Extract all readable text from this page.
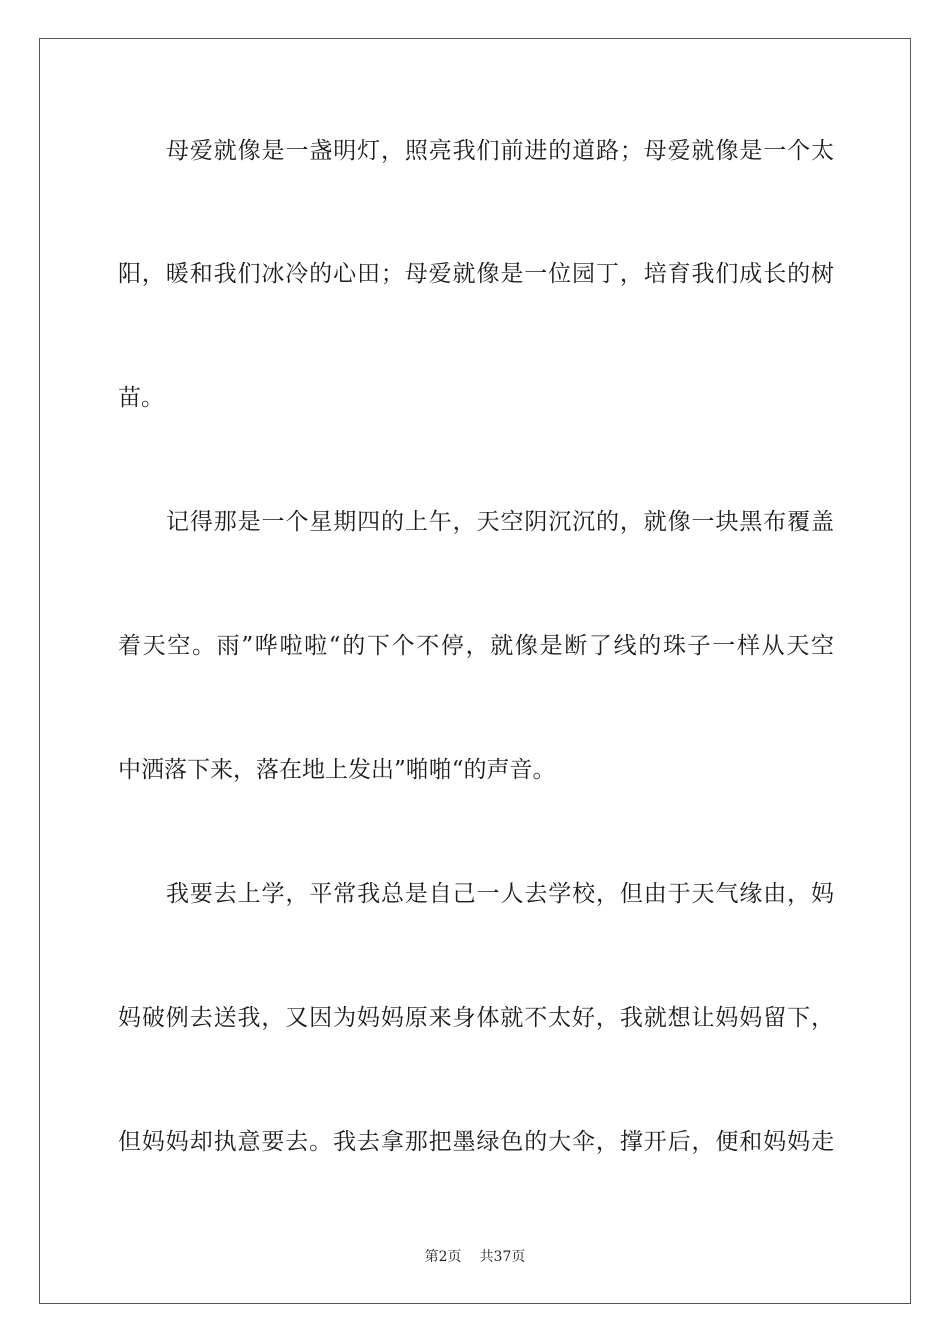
母爱就像是一盏明灯，照亮我们前进的道路；母爱就像是一个太
阳，暖和我们冰冷的心田；母爱就像是一位园丁，培育我们成长的树
苗。
记得那是一个星期四的上午，天空阴沉沉的，就像一块黑布覆盖
着天空。雨”哗啦啦“的下个不停，就像是断了线的珠子一样从天空
中洒落下来，落在地上发出”啪啪“的声音。
我要去上学，平常我总是自己一人去学校，但由于天气缘由，妈
妈破例去送我，又因为妈妈原来身体就不太好，我就想让妈妈留下，
但妈妈却执意要去。我去拿那把墨绿色的大伞，撑开后，便和妈妈走
第2页 共37页
